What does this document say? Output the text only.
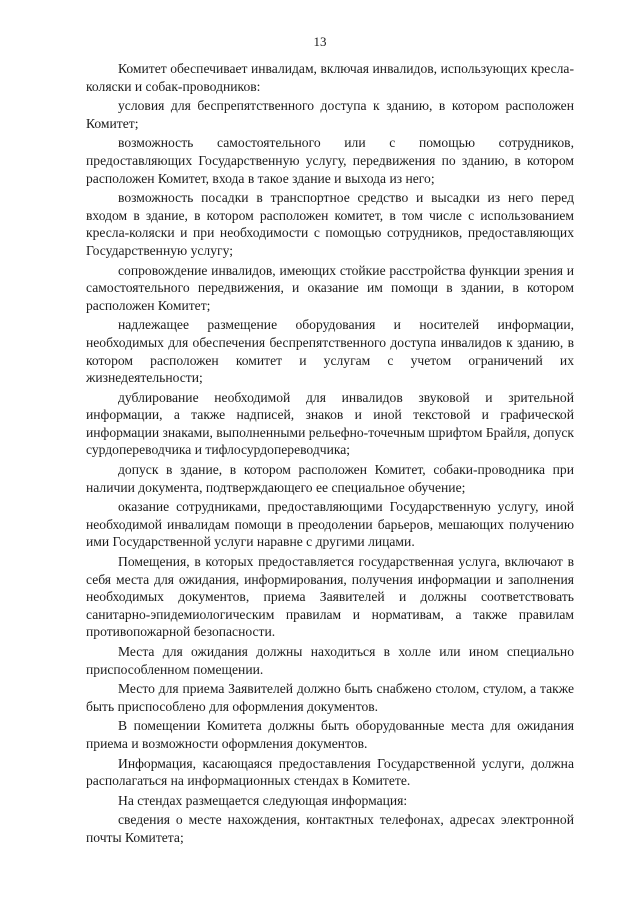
13

Комитет обеспечивает инвалидам, включая инвалидов, использующих кресла-коляски и собак-проводников:

условия для беспрепятственного доступа к зданию, в котором расположен Комитет;

возможность самостоятельного или с помощью сотрудников, предоставляющих Государственную услугу, передвижения по зданию, в котором расположен Комитет, входа в такое здание и выхода из него;

возможность посадки в транспортное средство и высадки из него перед входом в здание, в котором расположен комитет, в том числе с использованием кресла-коляски и при необходимости с помощью сотрудников, предоставляющих Государственную услугу;

сопровождение инвалидов, имеющих стойкие расстройства функции зрения и самостоятельного передвижения, и оказание им помощи в здании, в котором расположен Комитет;

надлежащее размещение оборудования и носителей информации, необходимых для обеспечения беспрепятственного доступа инвалидов к зданию, в котором расположен комитет и услугам с учетом ограничений их жизнедеятельности;

дублирование необходимой для инвалидов звуковой и зрительной информации, а также надписей, знаков и иной текстовой и графической информации знаками, выполненными рельефно-точечным шрифтом Брайля, допуск сурдопереводчика и тифлосурдопереводчика;

допуск в здание, в котором расположен Комитет, собаки-проводника при наличии документа, подтверждающего ее специальное обучение;

оказание сотрудниками, предоставляющими Государственную услугу, иной необходимой инвалидам помощи в преодолении барьеров, мешающих получению ими Государственной услуги наравне с другими лицами.

Помещения, в которых предоставляется государственная услуга, включают в себя места для ожидания, информирования, получения информации и заполнения необходимых документов, приема Заявителей и должны соответствовать санитарно-эпидемиологическим правилам и нормативам, а также правилам противопожарной безопасности.

Места для ожидания должны находиться в холле или ином специально приспособленном помещении.

Место для приема Заявителей должно быть снабжено столом, стулом, а также быть приспособлено для оформления документов.

В помещении Комитета должны быть оборудованные места для ожидания приема и возможности оформления документов.

Информация, касающаяся предоставления Государственной услуги, должна располагаться на информационных стендах в Комитете.

На стендах размещается следующая информация:

сведения о месте нахождения, контактных телефонах, адресах электронной почты Комитета;
